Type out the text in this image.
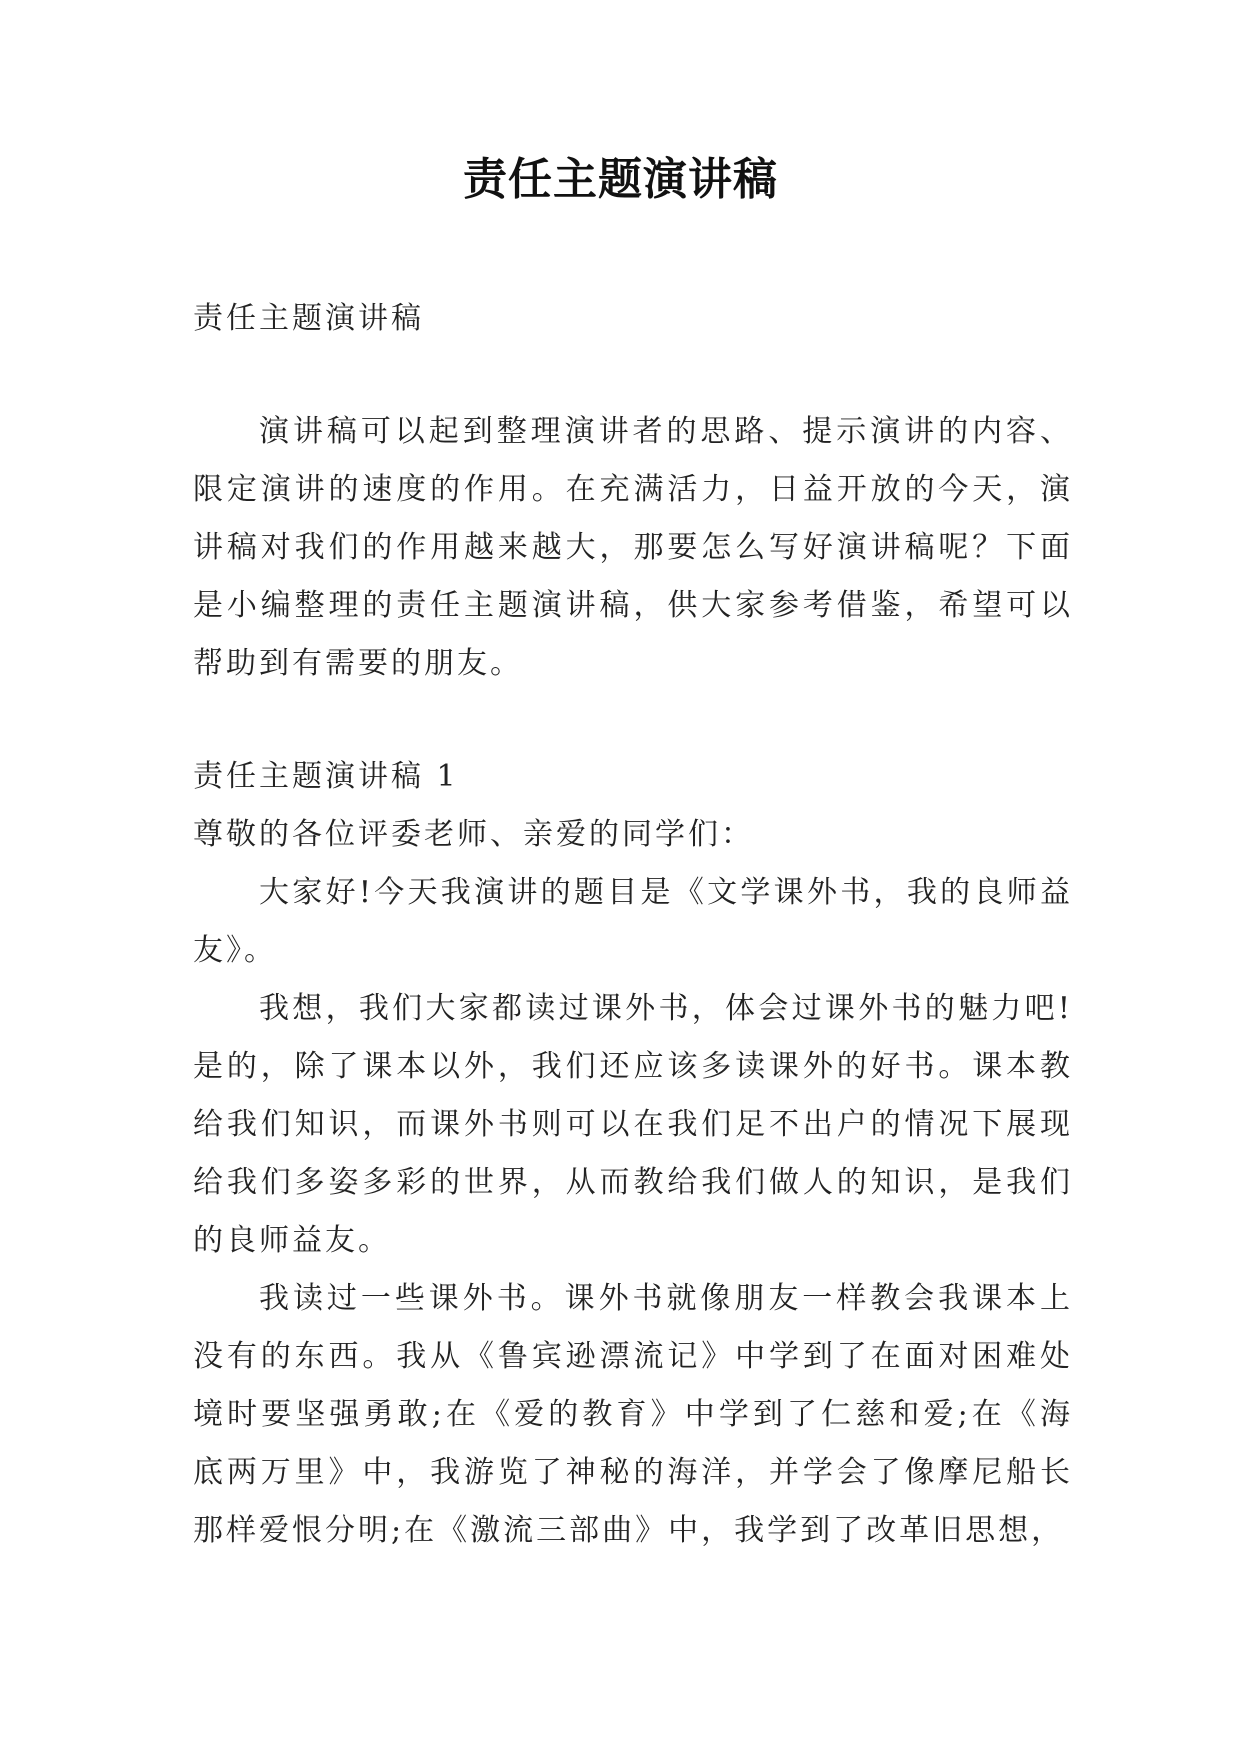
责任主题演讲稿

责任主题演讲稿

演讲稿可以起到整理演讲者的思路、提示演讲的内容、限定演讲的速度的作用。在充满活力，日益开放的今天，演讲稿对我们的作用越来越大，那要怎么写好演讲稿呢？下面是小编整理的责任主题演讲稿，供大家参考借鉴，希望可以帮助到有需要的朋友。

责任主题演讲稿 1

尊敬的各位评委老师、亲爱的同学们：

大家好!今天我演讲的题目是《文学课外书，我的良师益友》。

我想，我们大家都读过课外书，体会过课外书的魅力吧!是的，除了课本以外，我们还应该多读课外的好书。课本教给我们知识，而课外书则可以在我们足不出户的情况下展现给我们多姿多彩的世界，从而教给我们做人的知识，是我们的良师益友。

我读过一些课外书。课外书就像朋友一样教会我课本上没有的东西。我从《鲁宾逊漂流记》中学到了在面对困难处境时要坚强勇敢;在《爱的教育》中学到了仁慈和爱;在《海底两万里》中，我游览了神秘的海洋，并学会了像摩尼船长那样爱恨分明;在《激流三部曲》中，我学到了改革旧思想，
